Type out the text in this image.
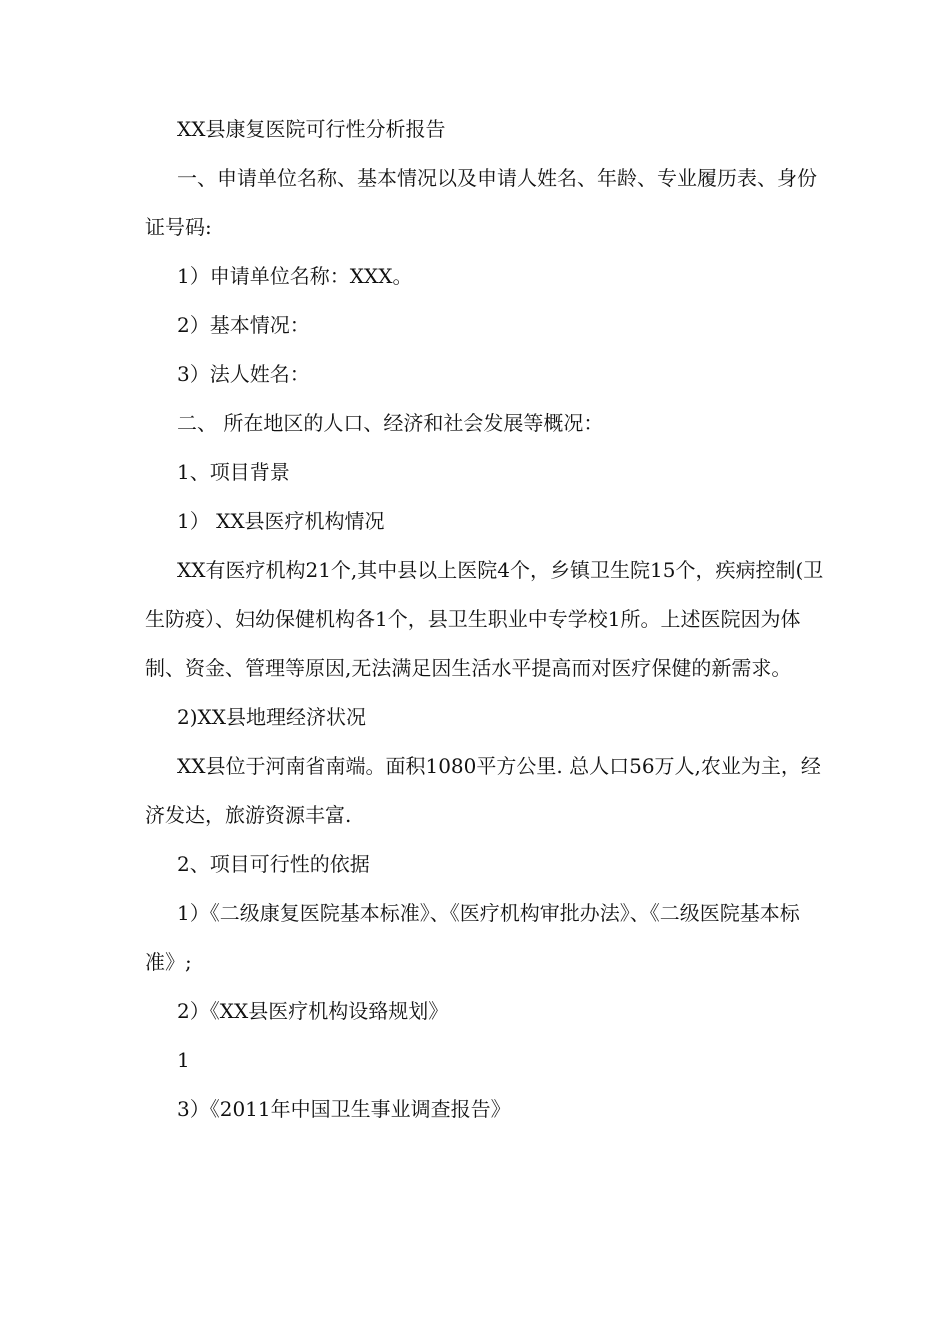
XX县康复医院可行性分析报告

一、申请单位名称、基本情况以及申请人姓名、年龄、专业履历表、身份证号码:

1）申请单位名称：XXX。

2）基本情况：

3）法人姓名：

二、 所在地区的人口、经济和社会发展等概况：

1、项目背景

1） XX县医疗机构情况

XX有医疗机构21个,其中县以上医院4个，乡镇卫生院15个，疾病控制(卫生防疫）、妇幼保健机构各1个，县卫生职业中专学校1所。上述医院因为体制、资金、管理等原因,无法满足因生活水平提高而对医疗保健的新需求。

2)XX县地理经济状况

XX县位于河南省南端。面积1080平方公里. 总人口56万人,农业为主，经济发达，旅游资源丰富.

2、项目可行性的依据

1）《二级康复医院基本标准》、《医疗机构审批办法》、《二级医院基本标准》;

2）《XX县医疗机构设臵规划》

1

3）《2011年中国卫生事业调查报告》
